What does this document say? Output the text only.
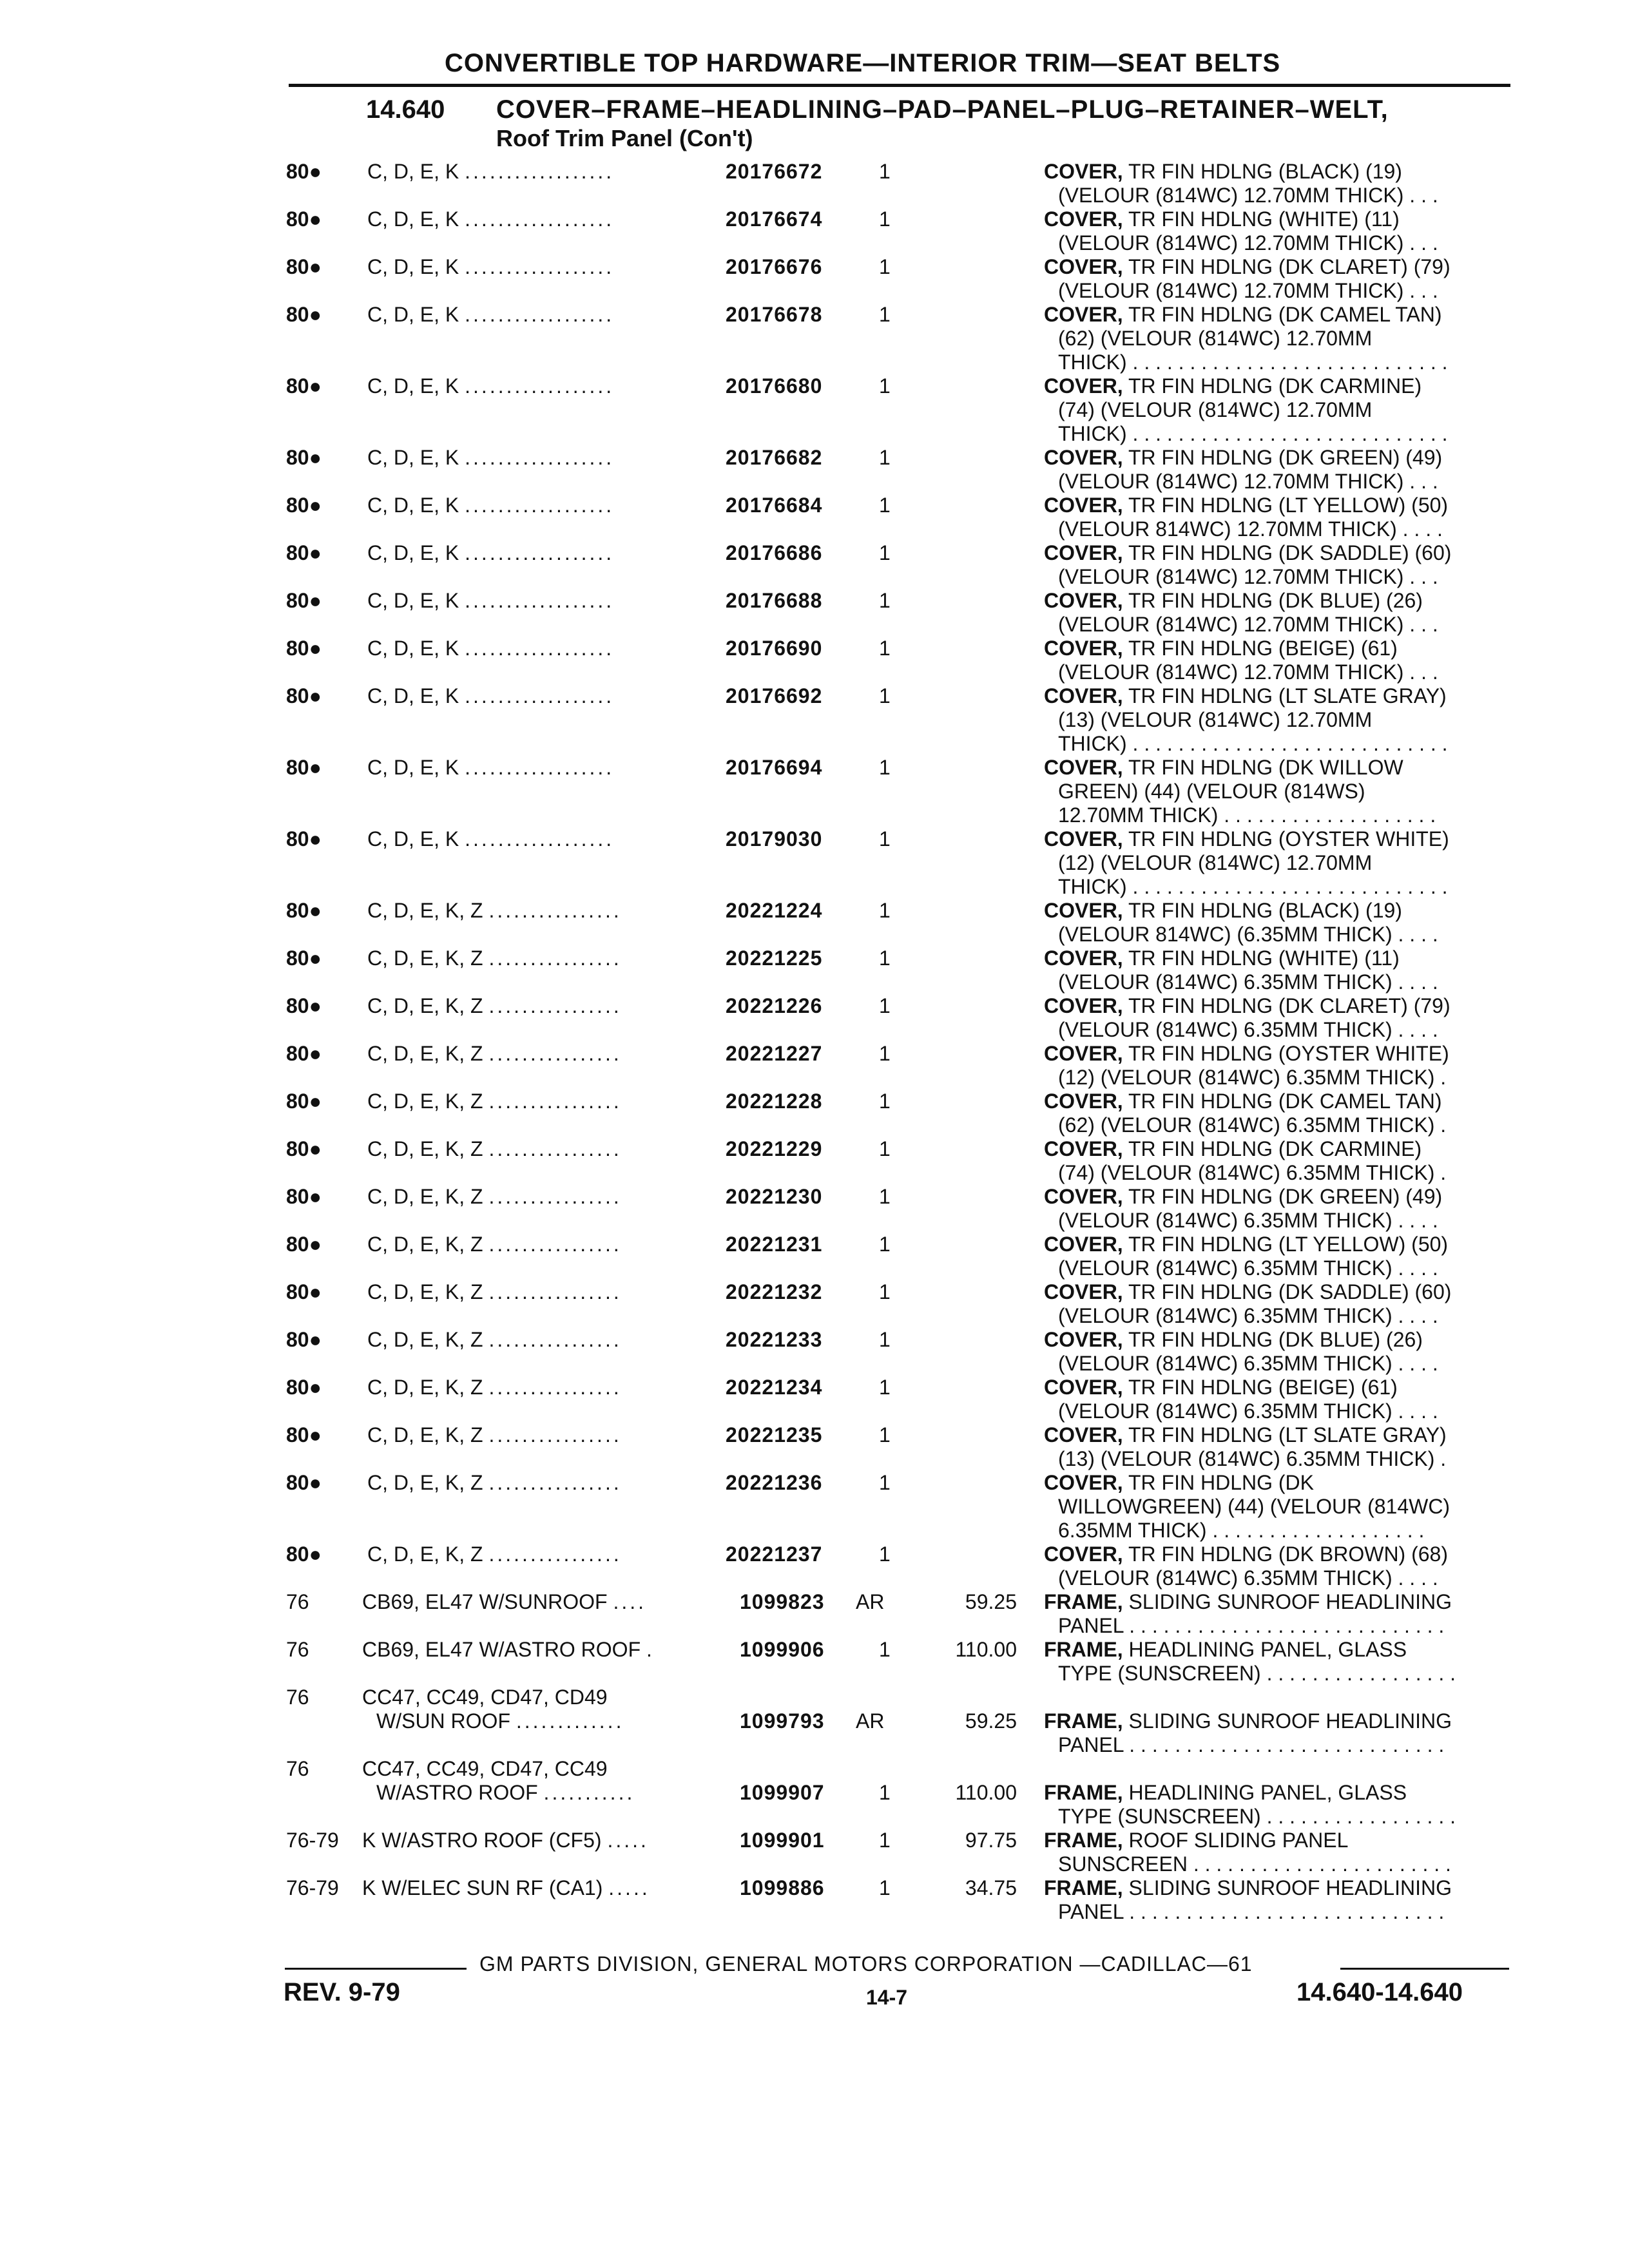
CONVERTIBLE TOP HARDWARE—INTERIOR TRIM—SEAT BELTS
14.640 COVER–FRAME–HEADLINING–PAD–PANEL–PLUG–RETAINER–WELT,
Roof Trim Panel (Con't)
80● C, D, E, K ..................	20176672	1	COVER, TR FIN HDLNG (BLACK) (19)
(VELOUR (814WC) 12.70MM THICK) . . .
80● C, D, E, K ..................	20176674	1	COVER, TR FIN HDLNG (WHITE) (11)
(VELOUR (814WC) 12.70MM THICK) . . .
80● C, D, E, K ..................	20176676	1	COVER, TR FIN HDLNG (DK CLARET) (79)
(VELOUR (814WC) 12.70MM THICK) . . .
80● C, D, E, K ..................	20176678	1	COVER, TR FIN HDLNG (DK CAMEL TAN)
(62) (VELOUR (814WC) 12.70MM
THICK) . . . . . . . . . . . . . . . . . . . . . . . . . . . .
80● C, D, E, K ..................	20176680	1	COVER, TR FIN HDLNG (DK CARMINE)
(74) (VELOUR (814WC) 12.70MM
THICK) . . . . . . . . . . . . . . . . . . . . . . . . . . . .
80● C, D, E, K ..................	20176682	1	COVER, TR FIN HDLNG (DK GREEN) (49)
(VELOUR (814WC) 12.70MM THICK) . . .
80● C, D, E, K ..................	20176684	1	COVER, TR FIN HDLNG (LT YELLOW) (50)
(VELOUR 814WC) 12.70MM THICK) . . . .
80● C, D, E, K ..................	20176686	1	COVER, TR FIN HDLNG (DK SADDLE) (60)
(VELOUR (814WC) 12.70MM THICK) . . .
80● C, D, E, K ..................	20176688	1	COVER, TR FIN HDLNG (DK BLUE) (26)
(VELOUR (814WC) 12.70MM THICK) . . .
80● C, D, E, K ..................	20176690	1	COVER, TR FIN HDLNG (BEIGE) (61)
(VELOUR (814WC) 12.70MM THICK) . . .
80● C, D, E, K ..................	20176692	1	COVER, TR FIN HDLNG (LT SLATE GRAY)
(13) (VELOUR (814WC) 12.70MM
THICK) . . . . . . . . . . . . . . . . . . . . . . . . . . . .
80● C, D, E, K ..................	20176694	1	COVER, TR FIN HDLNG (DK WILLOW
GREEN) (44) (VELOUR (814WS)
12.70MM THICK) . . . . . . . . . . . . . . . . . . .
80● C, D, E, K ..................	20179030	1	COVER, TR FIN HDLNG (OYSTER WHITE)
(12) (VELOUR (814WC) 12.70MM
THICK) . . . . . . . . . . . . . . . . . . . . . . . . . . . .
80● C, D, E, K, Z ................	20221224	1	COVER, TR FIN HDLNG (BLACK) (19)
(VELOUR 814WC) (6.35MM THICK) . . . .
80● C, D, E, K, Z ................	20221225	1	COVER, TR FIN HDLNG (WHITE) (11)
(VELOUR (814WC) 6.35MM THICK) . . . .
80● C, D, E, K, Z ................	20221226	1	COVER, TR FIN HDLNG (DK CLARET) (79)
(VELOUR (814WC) 6.35MM THICK) . . . .
80● C, D, E, K, Z ................	20221227	1	COVER, TR FIN HDLNG (OYSTER WHITE)
(12) (VELOUR (814WC) 6.35MM THICK) .
80● C, D, E, K, Z ................	20221228	1	COVER, TR FIN HDLNG (DK CAMEL TAN)
(62) (VELOUR (814WC) 6.35MM THICK) .
80● C, D, E, K, Z ................	20221229	1	COVER, TR FIN HDLNG (DK CARMINE)
(74) (VELOUR (814WC) 6.35MM THICK) .
80● C, D, E, K, Z ................	20221230	1	COVER, TR FIN HDLNG (DK GREEN) (49)
(VELOUR (814WC) 6.35MM THICK) . . . .
80● C, D, E, K, Z ................	20221231	1	COVER, TR FIN HDLNG (LT YELLOW) (50)
(VELOUR (814WC) 6.35MM THICK) . . . .
80● C, D, E, K, Z ................	20221232	1	COVER, TR FIN HDLNG (DK SADDLE) (60)
(VELOUR (814WC) 6.35MM THICK) . . . .
80● C, D, E, K, Z ................	20221233	1	COVER, TR FIN HDLNG (DK BLUE) (26)
(VELOUR (814WC) 6.35MM THICK) . . . .
80● C, D, E, K, Z ................	20221234	1	COVER, TR FIN HDLNG (BEIGE) (61)
(VELOUR (814WC) 6.35MM THICK) . . . .
80● C, D, E, K, Z ................	20221235	1	COVER, TR FIN HDLNG (LT SLATE GRAY)
(13) (VELOUR (814WC) 6.35MM THICK) .
80● C, D, E, K, Z ................	20221236	1	COVER, TR FIN HDLNG (DK
WILLOWGREEN) (44) (VELOUR (814WC)
6.35MM THICK) . . . . . . . . . . . . . . . . . . .
80● C, D, E, K, Z ................	20221237	1	COVER, TR FIN HDLNG (DK BROWN) (68)
(VELOUR (814WC) 6.35MM THICK) . . . .
76	CB69, EL47 W/SUNROOF ....	1099823 AR	59.25 FRAME, SLIDING SUNROOF HEADLINING
PANEL . . . . . . . . . . . . . . . . . . . . . . . . . . . .
76	CB69, EL47 W/ASTRO ROOF .	1099906	1	110.00 FRAME, HEADLINING PANEL, GLASS
TYPE (SUNSCREEN) . . . . . . . . . . . . . . . . .
76	CC47, CC49, CD47, CD49
W/SUN ROOF .............	1099793 AR	59.25 FRAME, SLIDING SUNROOF HEADLINING
PANEL . . . . . . . . . . . . . . . . . . . . . . . . . . . .
76	CC47, CC49, CD47, CC49
W/ASTRO ROOF ...........	1099907	1	110.00 FRAME, HEADLINING PANEL, GLASS
TYPE (SUNSCREEN) . . . . . . . . . . . . . . . . .
76-79 K W/ASTRO ROOF (CF5) .....	1099901	1	97.75 FRAME, ROOF SLIDING PANEL
SUNSCREEN . . . . . . . . . . . . . . . . . . . . . . .
76-79 K W/ELEC SUN RF (CA1) .....	1099886	1	34.75 FRAME, SLIDING SUNROOF HEADLINING
PANEL . . . . . . . . . . . . . . . . . . . . . . . . . . . .
GM PARTS DIVISION, GENERAL MOTORS CORPORATION —CADILLAC—61
REV. 9-79	14-7	14.640-14.640
